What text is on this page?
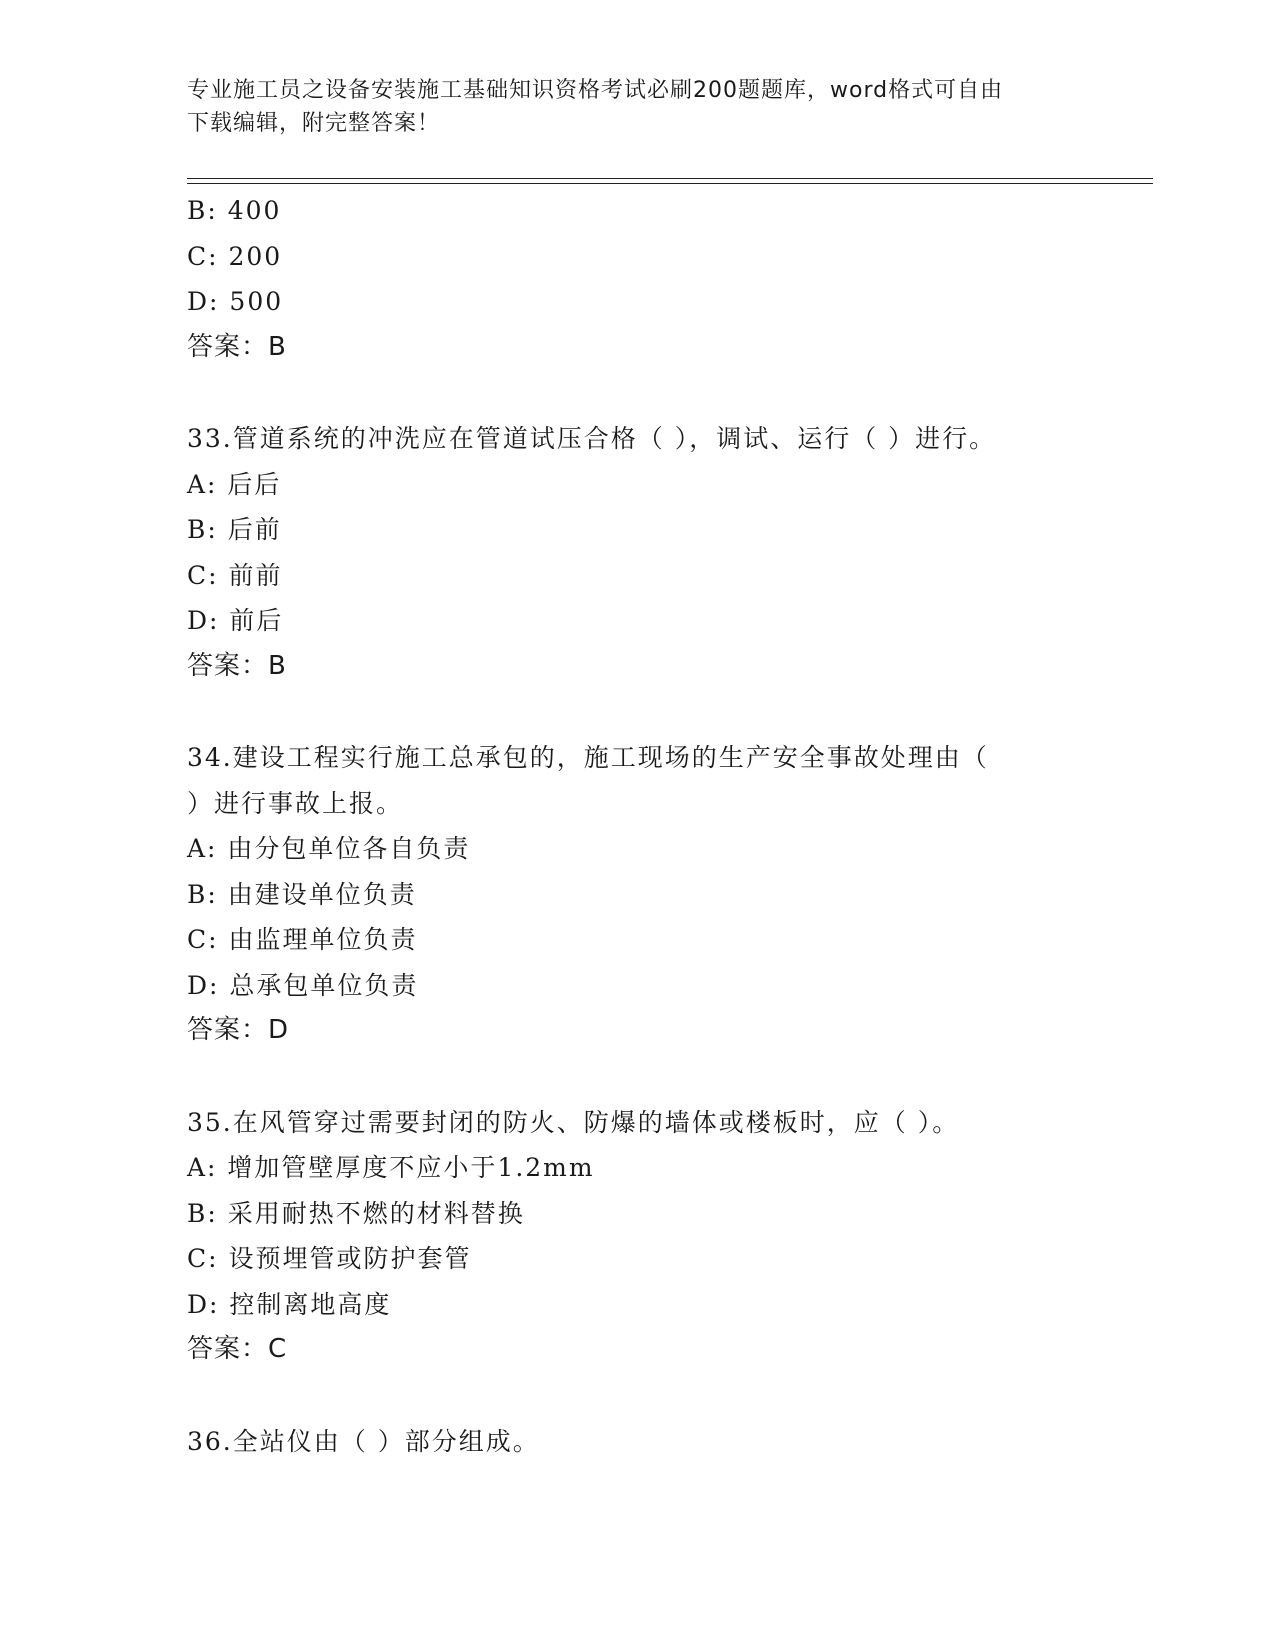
专业施工员之设备安装施工基础知识资格考试必刷200题题库，word格式可自由
下载编辑，附完整答案！
B: 400
C: 200
D: 500
答案：B
33.管道系统的冲洗应在管道试压合格（ ），调试、运行（ ）进行。
A: 后后
B: 后前
C: 前前
D: 前后
答案：B
34.建设工程实行施工总承包的，施工现场的生产安全事故处理由（
）进行事故上报。
A: 由分包单位各自负责
B: 由建设单位负责
C: 由监理单位负责
D: 总承包单位负责
答案：D
35.在风管穿过需要封闭的防火、防爆的墙体或楼板时，应（ ）。
A: 增加管壁厚度不应小于1.2mm
B: 采用耐热不燃的材料替换
C: 设预埋管或防护套管
D: 控制离地高度
答案：C
36.全站仪由（ ）部分组成。
